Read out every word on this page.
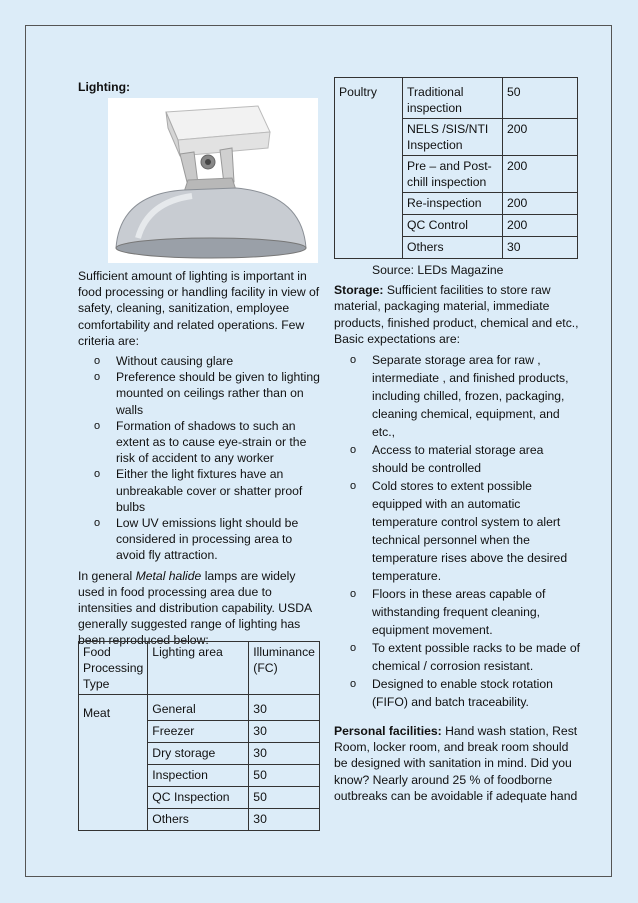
Lighting:

Sufficient amount of lighting is important in food processing or handling facility in view of safety, cleaning, sanitization, employee comfortability and related operations. Few criteria are:

o Without causing glare
o Preference should be given to lighting mounted on ceilings rather than on walls
o Formation of shadows to such an extent as to cause eye-strain or the risk of accident to any worker
o Either the light fixtures have an unbreakable cover or shatter proof bulbs
o Low UV emissions light should be considered in processing area to avoid fly attraction.

In general Metal halide lamps are widely used in food processing area due to intensities and distribution capability. USDA generally suggested range of lighting has been reproduced below:

Food Processing Type	Lighting area	Illuminance (FC)
Meat	General	30
	Freezer	30
	Dry storage	30
	Inspection	50
	QC Inspection	50
	Others	30
Poultry	Traditional inspection	50
	NELS /SIS/NTI Inspection	200
	Pre – and Post-chill inspection	200
	Re-inspection	200
	QC Control	200
	Others	30

Source: LEDs Magazine

Storage: Sufficient facilities to store raw material, packaging material, immediate products, finished product, chemical and etc., Basic expectations are:

o Separate storage area for raw , intermediate , and finished products, including chilled, frozen, packaging, cleaning chemical, equipment, and etc.,
o Access to material storage area should be controlled
o Cold stores to extent possible equipped with an automatic temperature control system to alert technical personnel when the temperature rises above the desired temperature.
o Floors in these areas capable of withstanding frequent cleaning, equipment movement.
o To extent possible racks to be made of chemical / corrosion resistant.
o Designed to enable stock rotation (FIFO) and batch traceability.

Personal facilities: Hand wash station, Rest Room, locker room, and break room should be designed with sanitation in mind. Did you know? Nearly around 25 % of foodborne outbreaks can be avoidable if adequate hand
